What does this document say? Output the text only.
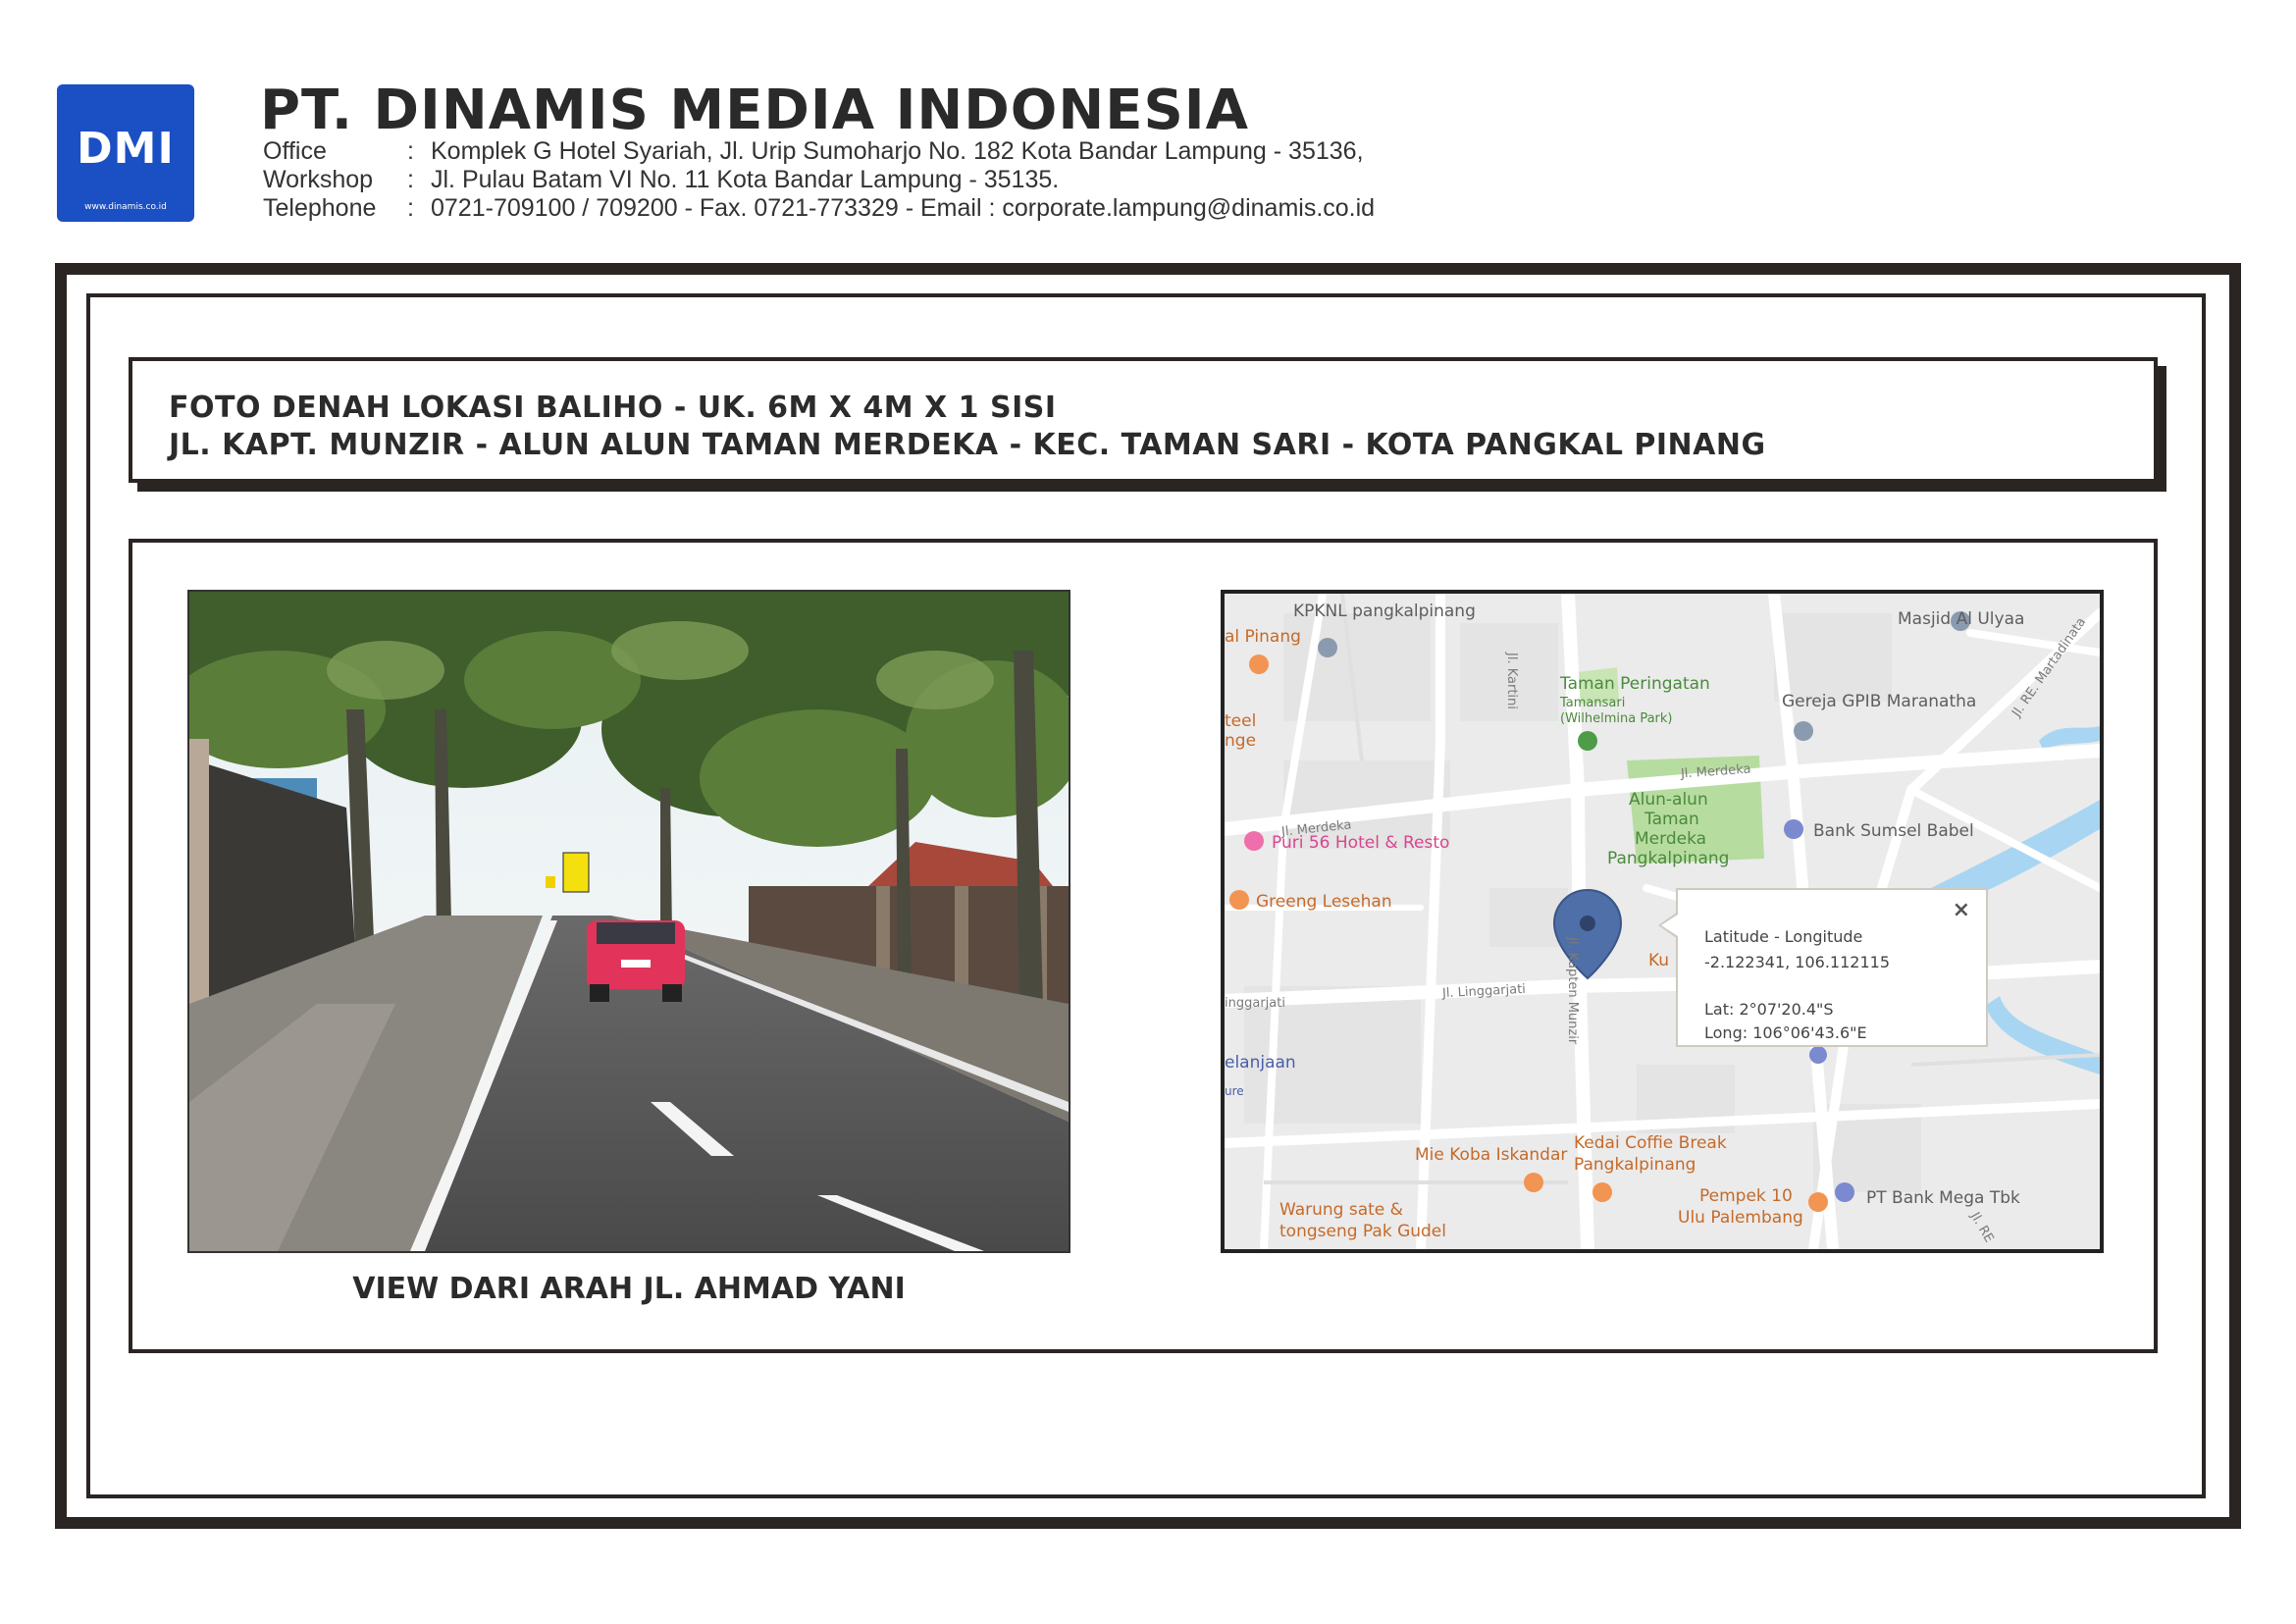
DMI
www.dinamis.co.id
PT. DINAMIS MEDIA INDONESIA
Office	: Komplek G Hotel Syariah, Jl. Urip Sumoharjo No. 182 Kota Bandar Lampung - 35136,
Workshop	: Jl. Pulau Batam VI No. 11 Kota Bandar Lampung - 35135.
Telephone	: 0721-709100 / 709200 - Fax. 0721-773329 - Email : corporate.lampung@dinamis.co.id
FOTO DENAH LOKASI BALIHO - UK. 6M X 4M X 1 SISI
JL. KAPT. MUNZIR - ALUN ALUN TAMAN MERDEKA - KEC. TAMAN SARI - KOTA PANGKAL PINANG
VIEW DARI ARAH JL. AHMAD YANI
KPKNL pangkalpinang
al Pinang
teel
nge
Masjid Al Ulyaa
Jl. Kartini Taman Peringatan
Tamansari
(Wilhelmina Park)
Gereja GPIB Maranatha	Jl. RE. Martadinata
Jl. Merdeka
Jl. Merdeka
Alun-alun
Taman
Merdeka
Pangkalpinang
Bank Sumsel Babel
Puri 56 Hotel & Resto
Greeng Lesehan
Ku
inggarjati
Jl. Linggarjati	Jl. Kapten Munzir
elanjaan
ure
Mie Koba Iskandar
Kedai Coffie Break
Pangkalpinang
Warung sate &
tongseng Pak Gudel
Pempek 10
Ulu Palembang
PT Bank Mega Tbk
Jl. RE
×
Latitude - Longitude
-2.122341, 106.112115
Lat: 2°07'20.4"S
Long: 106°06'43.6"E
